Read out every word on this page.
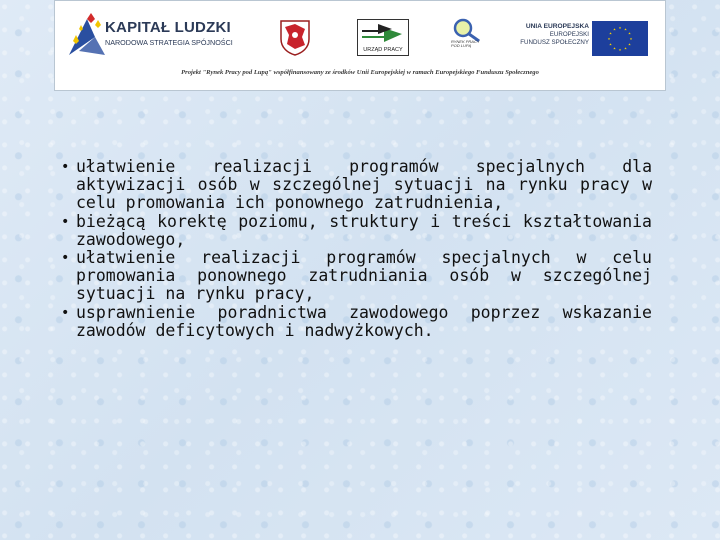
KAPITAŁ LUDZKI
NARODOWA STRATEGIA SPÓJNOŚCI
URZĄD PRACY
RYNEK PRACY POD LUPĄ
UNIA EUROPEJSKA
EUROPEJSKI
FUNDUSZ SPOŁECZNY	★
★
★
★
★
★
★
★
★ ★ ★
★
Projekt "Rynek Pracy pod Lupą" współfinansowany ze środków Unii Europejskiej w ramach Europejskiego Funduszu Społecznego
• ułatwienie realizacji programów specjalnych dla aktywizacji osób w szczególnej sytuacji na rynku pracy w celu promowania ich ponownego zatrudnienia,
• bieżącą korektę poziomu, struktury i treści kształtowania zawodowego,
• ułatwienie realizacji programów specjalnych w celu promowania ponownego zatrudniania osób w szczególnej sytuacji na rynku pracy,
• usprawnienie poradnictwa zawodowego poprzez wskazanie zawodów deficytowych i nadwyżkowych.
